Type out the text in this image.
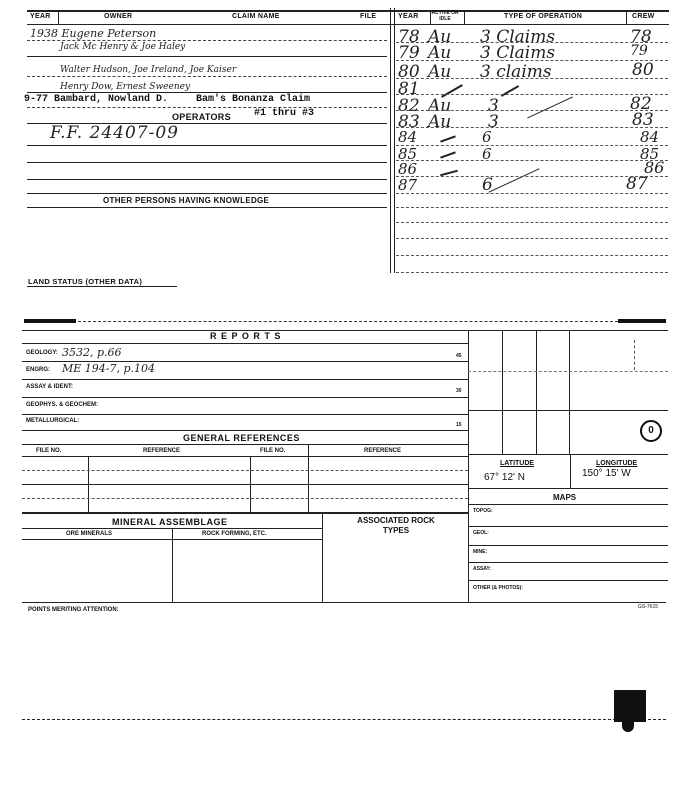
YEAR	OWNER	CLAIM NAME	FILE	YEAR	ACTIVE OR IDLE	TYPE OF OPERATION	CREW
1938 Eugene Peterson
Jack Mc Henry & Joe Haley
Walter Hudson, Joe Ireland, Joe Kaiser
Henry Dow, Ernest Sweeney
9-77 Bambard, Nowland D.	Bam's Bonanza Claim
OPERATORS #1 thru #3
F.F. 24407-09
OTHER PERSONS HAVING KNOWLEDGE
78 Au 3 Claims	78
79 Au 3 Claims	79
80 Au 3 claims	80
81
82 Au 3	82
83 Au 3	83
84	6	84
85	6	85
86	86
87	6	87
LAND STATUS (OTHER DATA)
R E P O R T S
GEOLOGY: 3532, p.66	45
ENGRG: ME 194-7, p.104
ASSAY & IDENT:
30
GEOPHYS. & GEOCHEM:
METALLURGICAL:
15
GENERAL REFERENCES
FILE NO.	REFERENCE	FILE NO.	REFERENCE
MINERAL ASSEMBLAGE
ORE MINERALS	ROCK FORMING, ETC.
ASSOCIATED ROCK TYPES
0
LATITUDE	LONGITUDE
67° 12' N	150° 15' W
MAPS
TOPOG:
GEOL:
MINE:
ASSAY:
OTHER (& PHOTOS):
POINTS MERITING ATTENTION:	GS-7615
